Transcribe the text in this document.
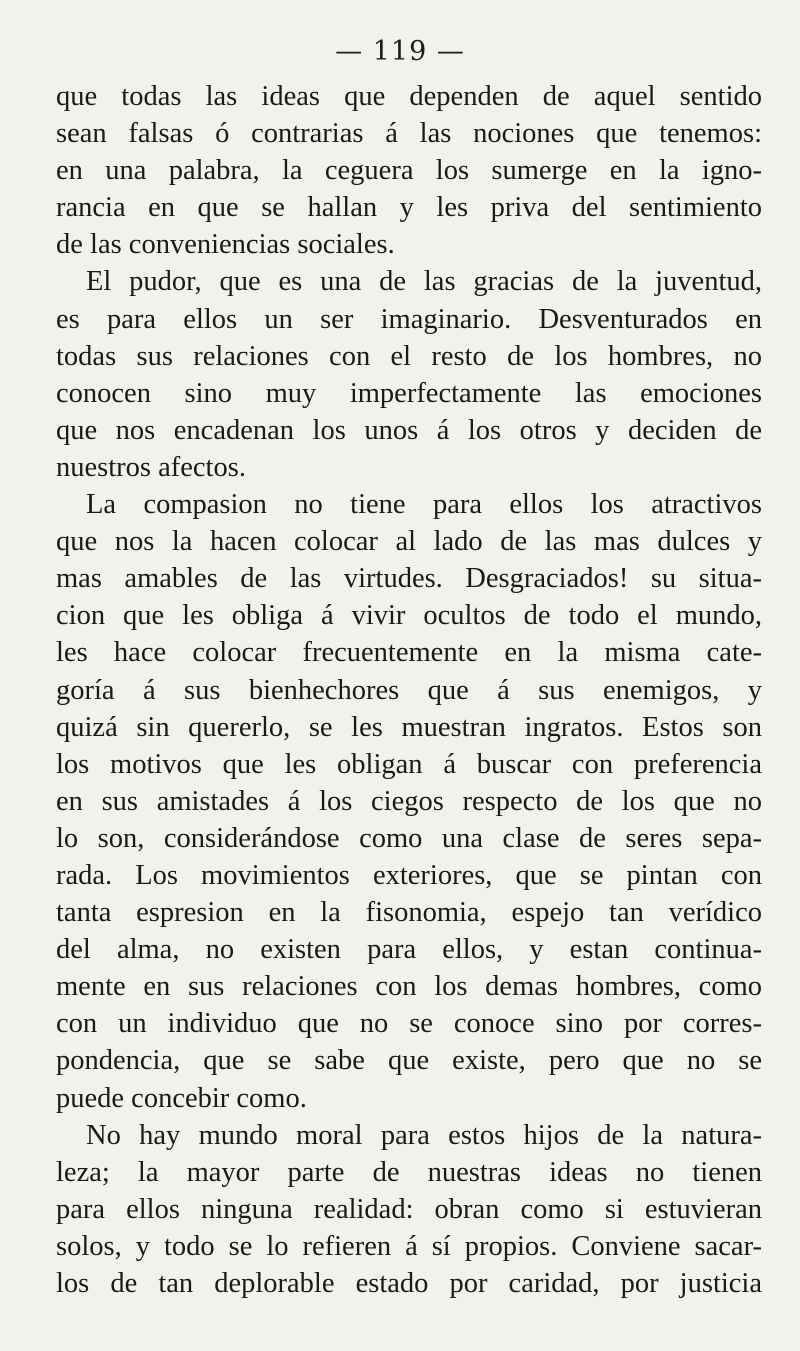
— 119 —
que todas las ideas que dependen de aquel sentido
sean falsas ó contrarias á las nociones que tenemos:
en una palabra, la ceguera los sumerge en la igno-
rancia en que se hallan y les priva del sentimiento
de las conveniencias sociales.
El pudor, que es una de las gracias de la juventud,
es para ellos un ser imaginario. Desventurados en
todas sus relaciones con el resto de los hombres, no
conocen sino muy imperfectamente las emociones
que nos encadenan los unos á los otros y deciden de
nuestros afectos.
La compasion no tiene para ellos los atractivos
que nos la hacen colocar al lado de las mas dulces y
mas amables de las virtudes. Desgraciados! su situa-
cion que les obliga á vivir ocultos de todo el mundo,
les hace colocar frecuentemente en la misma cate-
goría á sus bienhechores que á sus enemigos, y
quizá sin quererlo, se les muestran ingratos. Estos son
los motivos que les obligan á buscar con preferencia
en sus amistades á los ciegos respecto de los que no
lo son, considerándose como una clase de seres sepa-
rada. Los movimientos exteriores, que se pintan con
tanta espresion en la fisonomia, espejo tan verídico
del alma, no existen para ellos, y estan continua-
mente en sus relaciones con los demas hombres, como
con un individuo que no se conoce sino por corres-
pondencia, que se sabe que existe, pero que no se
puede concebir como.
No hay mundo moral para estos hijos de la natura-
leza; la mayor parte de nuestras ideas no tienen
para ellos ninguna realidad: obran como si estuvieran
solos, y todo se lo refieren á sí propios. Conviene sacar-
los de tan deplorable estado por caridad, por justicia
